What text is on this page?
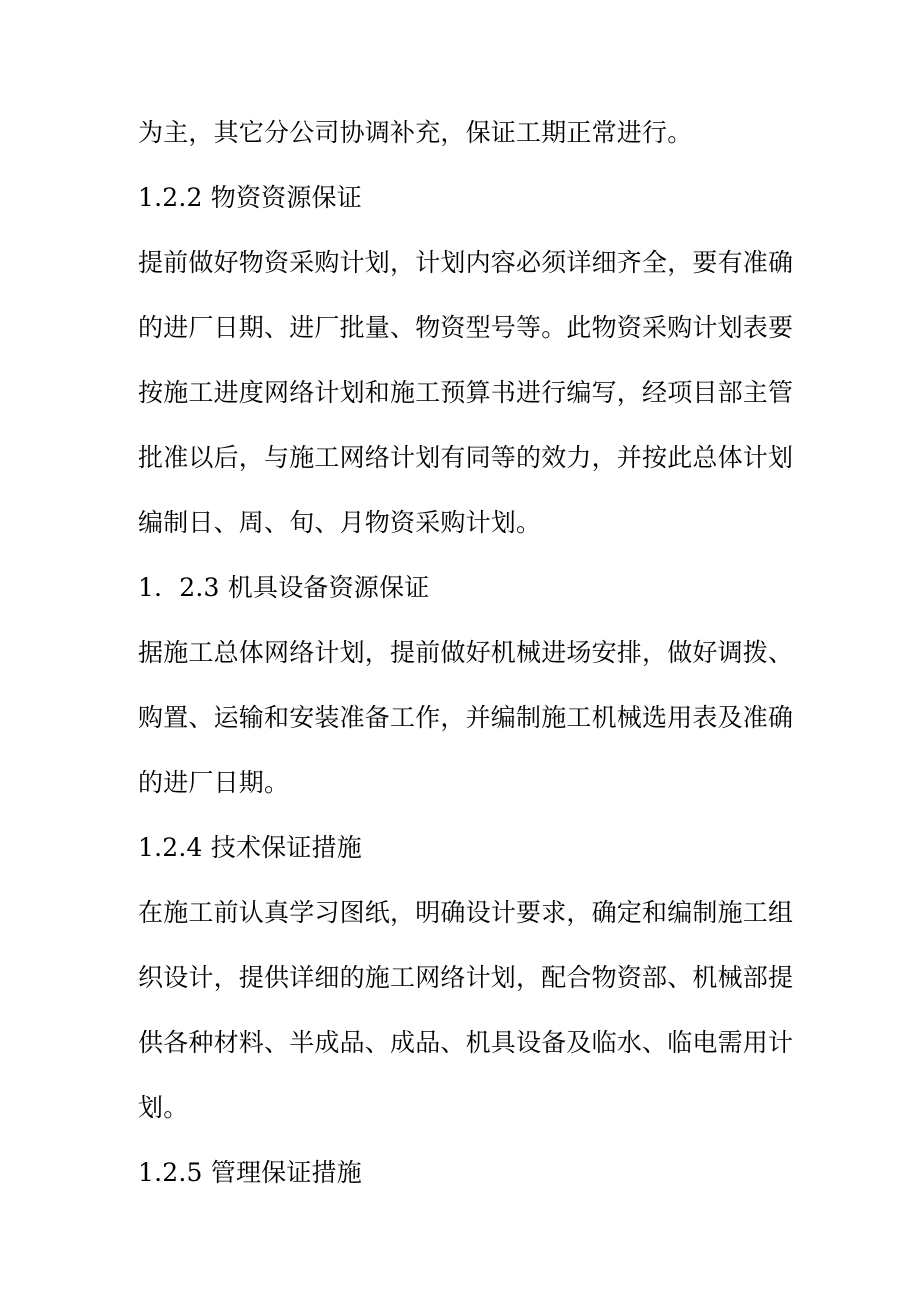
为主，其它分公司协调补充，保证工期正常进行。
1.2.2 物资资源保证
提前做好物资采购计划，计划内容必须详细齐全，要有准确
的进厂日期、进厂批量、物资型号等。此物资采购计划表要
按施工进度网络计划和施工预算书进行编写，经项目部主管
批准以后，与施工网络计划有同等的效力，并按此总体计划
编制日、周、旬、月物资采购计划。
1．2.3 机具设备资源保证
据施工总体网络计划，提前做好机械进场安排，做好调拨、
购置、运输和安装准备工作，并编制施工机械选用表及准确
的进厂日期。
1.2.4 技术保证措施
在施工前认真学习图纸，明确设计要求，确定和编制施工组
织设计，提供详细的施工网络计划，配合物资部、机械部提
供各种材料、半成品、成品、机具设备及临水、临电需用计
划。
1.2.5 管理保证措施
